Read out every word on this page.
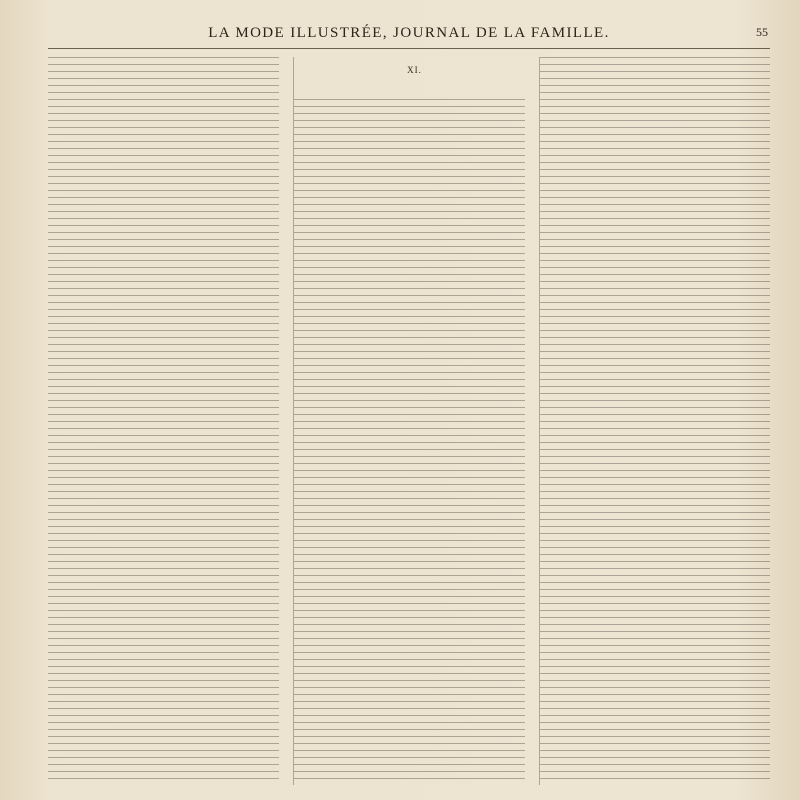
LA MODE ILLUSTRÉE, JOURNAL DE LA FAMILLE.	55

XI.
